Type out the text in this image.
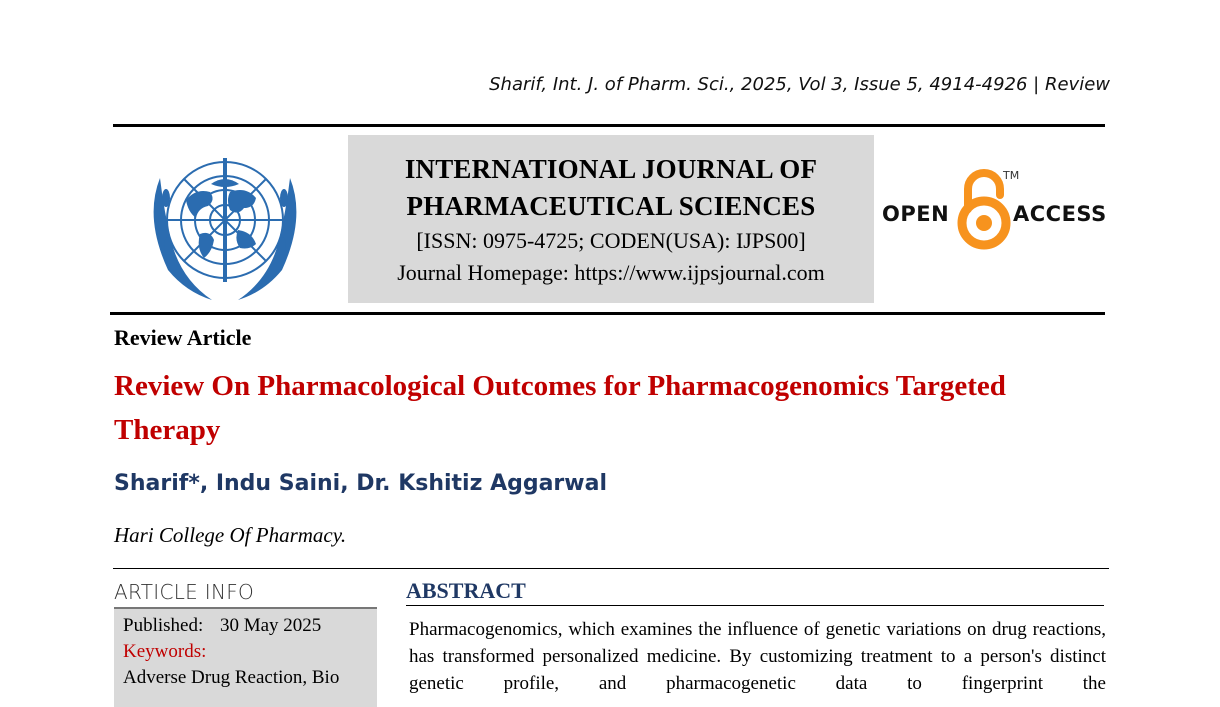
Sharif, Int. J. of Pharm. Sci., 2025, Vol 3, Issue 5, 4914-4926 | Review
INTERNATIONAL JOURNAL OF
PHARMACEUTICAL SCIENCES
[ISSN: 0975-4725; CODEN(USA): IJPS00]
Journal Homepage: https://www.ijpsjournal.com
OPEN
TM
ACCESS
Review Article
Review On Pharmacological Outcomes for Pharmacogenomics Targeted Therapy
Sharif*, Indu Saini, Dr. Kshitiz Aggarwal
Hari College Of Pharmacy.
ARTICLE INFO
Published: 30 May 2025
Keywords:
Adverse Drug Reaction, Bio
ABSTRACT
Pharmacogenomics, which examines the influence of genetic variations on drug reactions, has transformed personalized medicine. By customizing treatment to a person's distinct genetic profile, and pharmacogenetic data to fingerprint the
